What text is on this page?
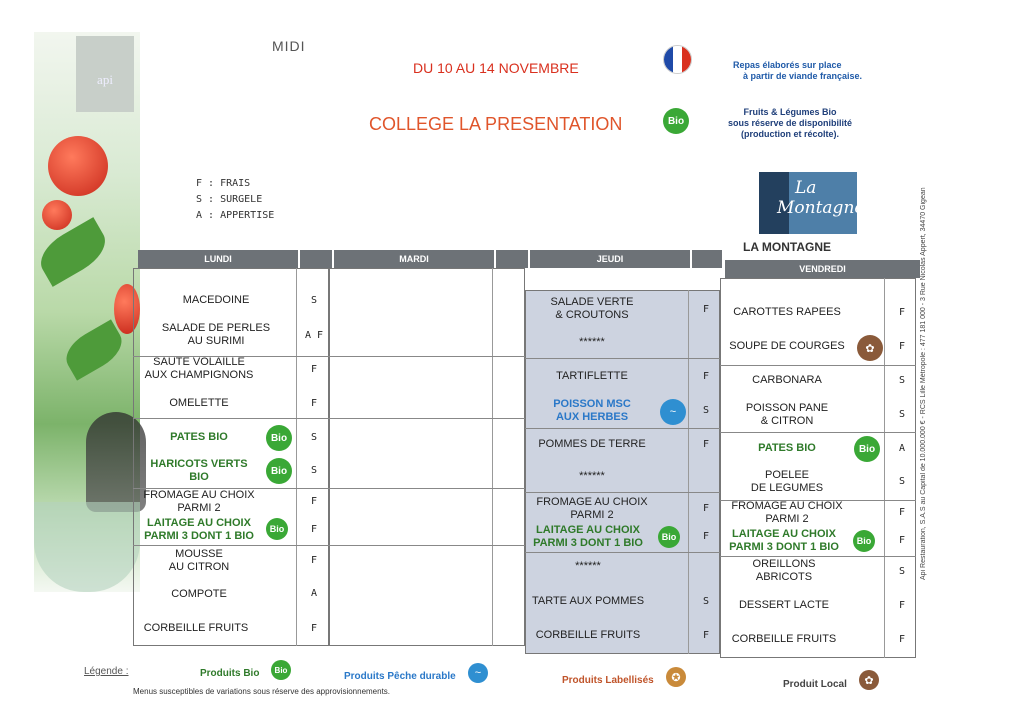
api
MIDI
DU 10 AU 14 NOVEMBRE
COLLEGE LA PRESENTATION
Repas élaborés sur place
à partir de viande française.
Bio
Fruits & Légumes Bio
sous réserve de disponibilité
(production et récolte).
F : FRAIS
S : SURGELE
A : APPERTISE
La
Montagne
LA MONTAGNE	Api Restauration, S.A.S au Capital de 10.000.000 € - RCS Lille Métropole : 477 181 000 - 3 Rue Nicolas Appert, 34470 Gigean
LUNDI	MARDI	JEUDI
VENDREDI
MACEDOINE	S
SALADE DE PERLES
AU SURIMI	A F
SAUTE VOLAILLE
AUX CHAMPIGNONS	F
OMELETTE	F
PATES BIO	Bio	S
HARICOTS VERTS
BIO	Bio	S
FROMAGE AU CHOIX
PARMI 2
F
LAITAGE AU CHOIX
PARMI 3 DONT 1 BIO
Bio	F
MOUSSE
AU CITRON
F
COMPOTE	A
CORBEILLE FRUITS	F
SALADE VERTE
& CROUTONS	F
******
TARTIFLETTE	F
POISSON MSC
AUX HERBES	~	S
POMMES DE TERRE	F
******
FROMAGE AU CHOIX
PARMI 2
F
LAITAGE AU CHOIX
PARMI 3 DONT 1 BIO	Bio	F
******
TARTE AUX POMMES	S
CORBEILLE FRUITS	F
CAROTTES RAPEES	F
SOUPE DE COURGES	✿	F
CARBONARA	S
POISSON PANE
& CITRON
S
PATES BIO	Bio	A
POELEE
DE LEGUMES
S
FROMAGE AU CHOIX
PARMI 2
F
LAITAGE AU CHOIX
PARMI 3 DONT 1 BIO	Bio	F
OREILLONS
ABRICOTS	S
DESSERT LACTE	F
CORBEILLE FRUITS	F
Légende :	Produits Bio	Bio
Produits Pêche durable	~
Produits Labellisés	✪
Produit Local	✿
Menus susceptibles de variations sous réserve des approvisionnements.
